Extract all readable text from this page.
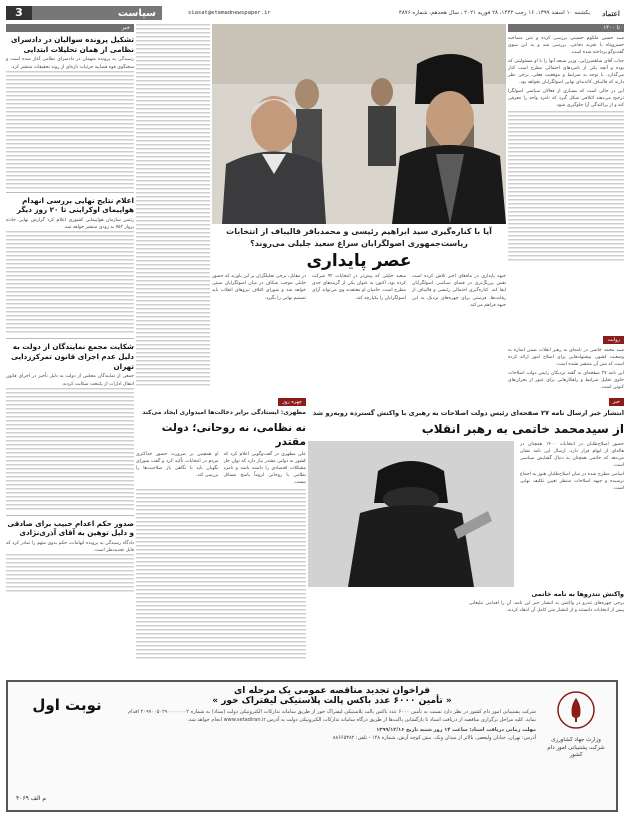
3	سیاست	siasat@etemadnewspaper.ir	یکشنبه ۱۰ اسفند ۱۳۹۹، ۱۶ رجب ۱۴۴۲، ۲۸ فوریه ۲۰۲۱ ، سال هجدهم، شماره ۴۸۷۶	اعتماد
خبر
تشکیل پرونده سوالیان در دادسرای نظامی از همان تحلیلات ابتدایی
رسیدگی به پرونده متهمان در دادسرای نظامی آغاز شده است و سخنگوی قوه قضاییه جزئیات تازه‌ای از روند تحقیقات منتشر کرد.
اعلام نتایج نهایی بررسی انهدام هواپیمای اوکراینی تا ۲۰ روز دیگر
رئیس سازمان هواپیمایی کشوری اعلام کرد گزارش نهایی حادثه پرواز ۷۵۲ به زودی منتشر خواهد شد.
شکایت مجمع نمایندگان از دولت به دلیل عدم اجرای قانون تمرکززدایی تهران
جمعی از نمایندگان مجلس از دولت به دلیل تأخیر در اجرای قانون انتقال ادارات از پایتخت شکایت کردند.
صدور حکم اعدام حبیب برای صادقی و دلیل توهین به آقای آذری‌نژادی
دادگاه رسیدگی به پرونده اتهامات، حکم بدوی متهم را صادر کرد که قابل تجدیدنظر است.
تا ۱۴۰۰

سید حسین ملکوم حسینی بررسی کرده و متن مصاحبه خسروپناه با تجربه دفاعی، بررسی شد و به این سوی گفت‌وگو پرداخته شده است.

جناب آقای شاهمیرزایی، وزیر شیعه آنها را با او مسئولیتی که بوده و آنچه یکی از نامزدهای احتمالی مطرح است کنار می‌گذارد. با توجه به شرایط و موقعیت فعلی، برخی نظر دارند که قالیباف کاندیدای نهایی اصولگرایان نخواهد بود.

این در حالی است که بسیاری از فعالان سیاسی اصولگرا ترجیح می‌دهند ائتلافی شکل گیرد که نامزد واحد را معرفی کند و از پراکندگی آرا جلوگیری شود.

آیا با کناره‌گیری سید ابراهیم رئیسی و محمدباقر قالیباف از انتخابات ریاست‌جمهوری اصولگرایان سراغ سعید جلیلی می‌روند؟
عصر پایداری

جبهه پایداری در ماه‌های اخیر تلاش کرده است نقش پررنگ‌تری در فضای سیاسی اصولگرایان ایفا کند. کناره‌گیری احتمالی رئیسی و قالیباف از رقابت‌ها، فرصتی برای چهره‌های نزدیک به این جبهه فراهم می‌کند.

سعید جلیلی که پیش‌تر در انتخابات ۹۲ شرکت کرده بود، اکنون به عنوان یکی از گزینه‌های جدی مطرح است. حامیان او معتقدند وی می‌تواند آرای اصولگرایان را یکپارچه کند.

در مقابل، برخی تحلیلگران بر این باورند که حضور جلیلی موجب شکاف در میان اصولگرایان سنتی خواهد شد و شورای ائتلاف نیروهای انقلاب باید تصمیم نهایی را بگیرد.

خبر
انتشار خبر ارسال نامه ۲۷ صفحه‌ای رئیس دولت اصلاحات به رهبری با واکنش گسترده روبه‌رو شد
از سیدمحمد خاتمی به رهبر انقلاب

حضور اصلاح‌طلبان در انتخابات ۱۴۰۰ همچنان در هاله‌ای از ابهام قرار دارد. ارسال این نامه نشان می‌دهد که خاتمی همچنان به دنبال گشایش سیاسی است.

اسامی مطرح شده در میان اصلاح‌طلبان هنوز به اجماع نرسیده و جبهه اصلاحات منتظر تعیین تکلیف نهایی است.

واکنش تندروها به نامه خاتمی
برخی چهره‌های تندرو در واکنش به انتشار خبر این نامه، آن را اقدامی تبلیغاتی پیش از انتخابات دانستند و از انتشار متن کامل آن انتقاد کردند.
روایت

سید محمد خاتمی در نامه‌ای به رهبر انقلاب ضمن اشاره به وضعیت کشور، پیشنهادهایی برای اصلاح امور ارائه کرده است که متن آن منتشر نشده است.

این نامه ۲۷ صفحه‌ای به گفته نزدیکان رئیس دولت اصلاحات حاوی تحلیل شرایط و راهکارهایی برای عبور از بحران‌های کنونی است.

چهره روز
مطهری: ایستادگی برابر دخالت‌ها امیدواری ایجاد می‌کند
نه نظامی، نه روحانی؛ دولت مقتدر

علی مطهری در گفت‌وگویی اعلام کرد که کشور به دولتی مقتدر نیاز دارد که توان حل مشکلات اقتصادی را داشته باشد و نامزد نظامی یا روحانی لزوماً پاسخ مسائل نیست.

او همچنین بر ضرورت حضور حداکثری مردم در انتخابات تأکید کرد و گفت شورای نگهبان باید با نگاهی باز صلاحیت‌ها را بررسی کند.

نوبت اول
م الف ۴۰۶۹
فراخوان تجدید مناقصه عمومی یک مرحله ای
« تأمین ۶۰۰۰ عدد باکس پالت پلاستیکی لیفتراک خور »
شرکت پشتیبانی امور دام کشور در نظر دارد نسبت به تأمین ۶۰۰۰ عدد باکس پالت پلاستیکی لیفتراک خور از طریق سامانه تدارکات الکترونیکی دولت (ستاد) به شماره ۲۰۹۹۰۰۵۰۲۹۰۰۰۰۰۰۰۲ اقدام نماید. کلیه مراحل برگزاری مناقصه از دریافت اسناد تا بازگشایی پاکت‌ها از طریق درگاه سامانه تدارکات الکترونیکی دولت به آدرس www.setadiran.ir انجام خواهد شد.
مهلت زمانی دریافت اسناد: ساعت ۱۴ روز شنبه تاریخ ۱۳۹۹/۱۲/۱۶
آدرس: تهران، خیابان ولیعصر، بالاتر از میدان ونک، نبش کوچه آرش، شماره ۱۴۸ - تلفن: ۸۸۶۶۵۳۸۲	وزارت جهاد کشاورزی
شرکت پشتیبانی امور دام کشور
